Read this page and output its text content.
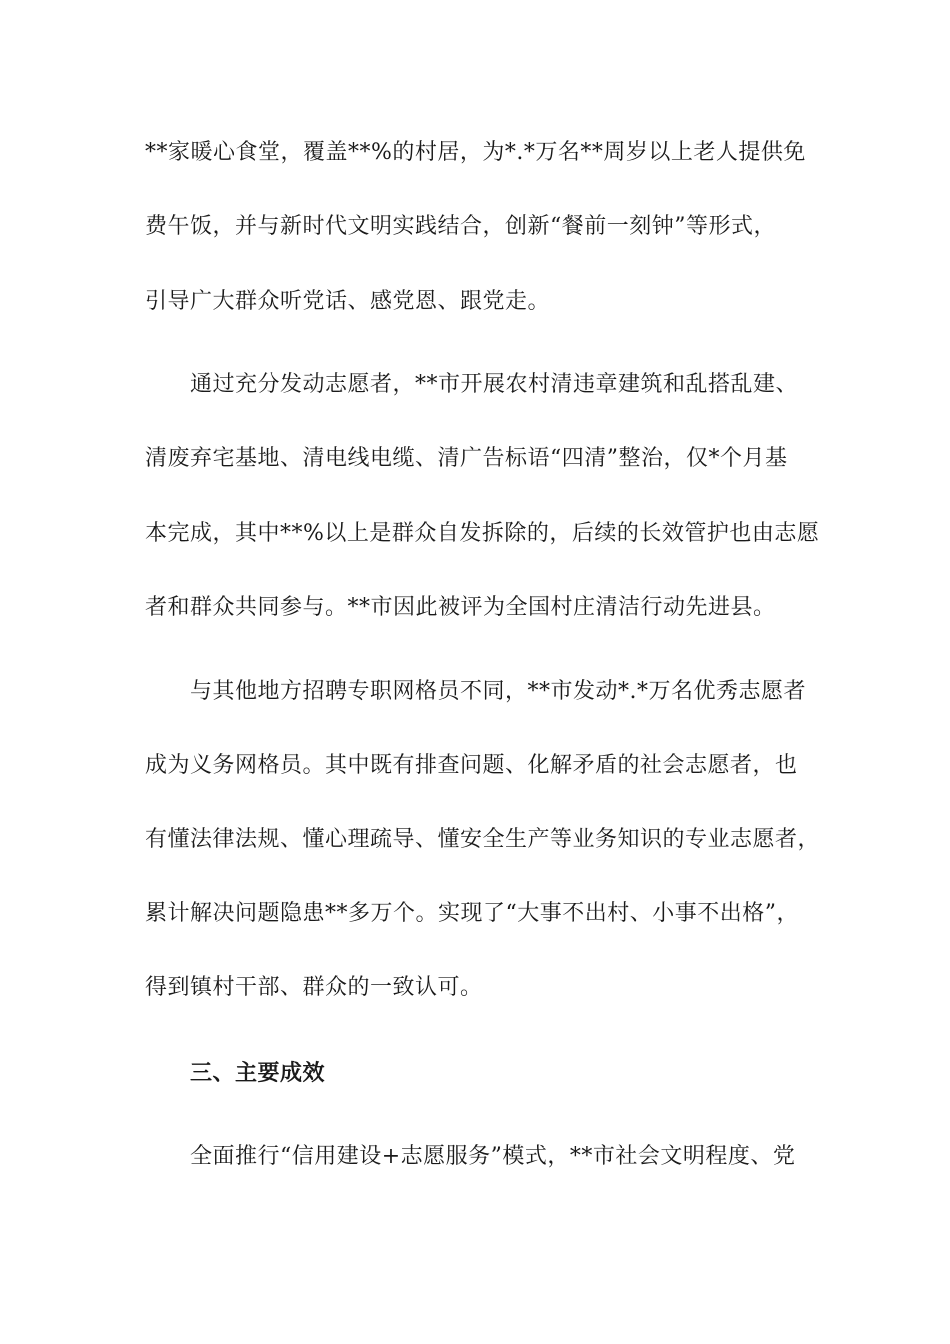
**家暖心食堂，覆盖**%的村居，为*.*万名**周岁以上老人提供免
费午饭，并与新时代文明实践结合，创新“餐前一刻钟”等形式，
引导广大群众听党话、感党恩、跟党走。
通过充分发动志愿者，**市开展农村清违章建筑和乱搭乱建、
清废弃宅基地、清电线电缆、清广告标语“四清”整治，仅*个月基
本完成，其中**%以上是群众自发拆除的，后续的长效管护也由志愿
者和群众共同参与。**市因此被评为全国村庄清洁行动先进县。
与其他地方招聘专职网格员不同，**市发动*.*万名优秀志愿者
成为义务网格员。其中既有排查问题、化解矛盾的社会志愿者，也
有懂法律法规、懂心理疏导、懂安全生产等业务知识的专业志愿者，
累计解决问题隐患**多万个。实现了“大事不出村、小事不出格”，
得到镇村干部、群众的一致认可。
三、主要成效
全面推行“信用建设+志愿服务”模式，**市社会文明程度、党
